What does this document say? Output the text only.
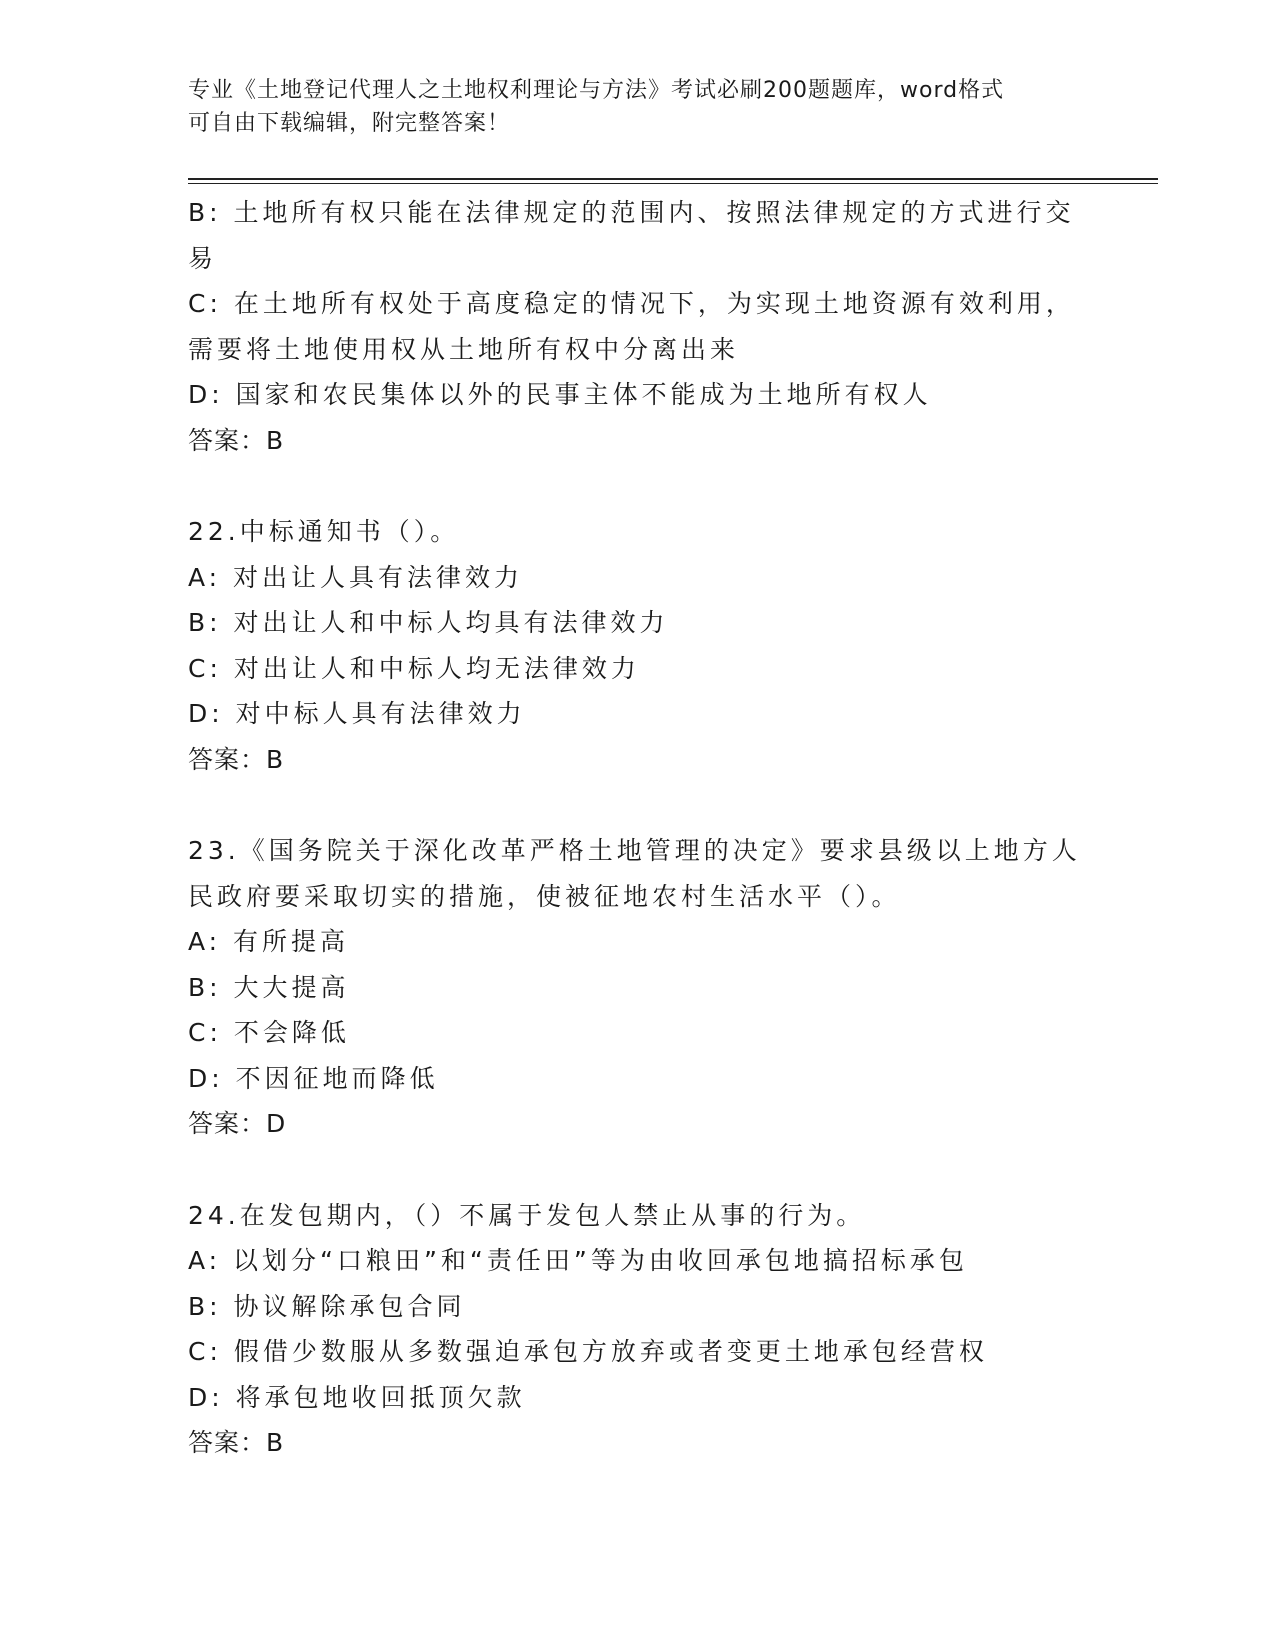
专业《土地登记代理人之土地权利理论与方法》考试必刷200题题库，word格式
可自由下载编辑，附完整答案！
B: 土地所有权只能在法律规定的范围内、按照法律规定的方式进行交
易
C: 在土地所有权处于高度稳定的情况下，为实现土地资源有效利用，
需要将土地使用权从土地所有权中分离出来
D: 国家和农民集体以外的民事主体不能成为土地所有权人
答案：B
22.中标通知书（）。
A: 对出让人具有法律效力
B: 对出让人和中标人均具有法律效力
C: 对出让人和中标人均无法律效力
D: 对中标人具有法律效力
答案：B
23.《国务院关于深化改革严格土地管理的决定》要求县级以上地方人
民政府要采取切实的措施，使被征地农村生活水平（）。
A: 有所提高
B: 大大提高
C: 不会降低
D: 不因征地而降低
答案：D
24.在发包期内，（）不属于发包人禁止从事的行为。
A: 以划分“口粮田”和“责任田”等为由收回承包地搞招标承包
B: 协议解除承包合同
C: 假借少数服从多数强迫承包方放弃或者变更土地承包经营权
D: 将承包地收回抵顶欠款
答案：B
